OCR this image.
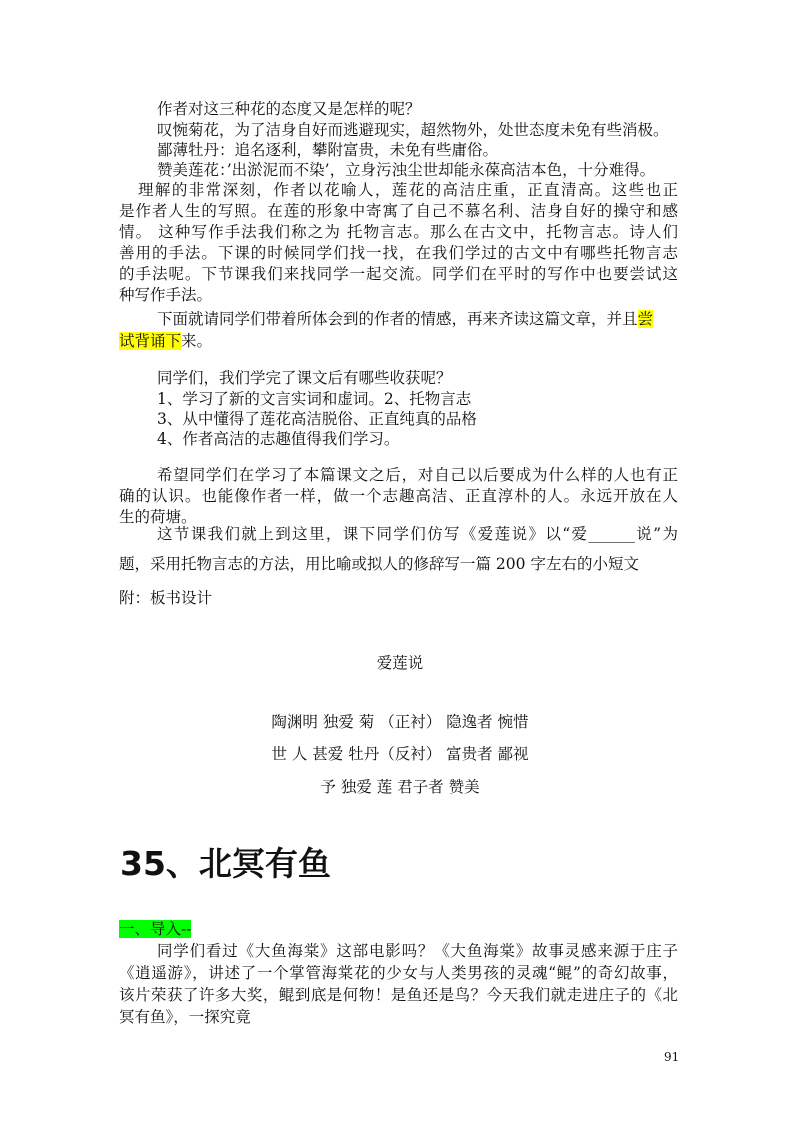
作者对这三种花的态度又是怎样的呢？
叹惋菊花，为了洁身自好而逃避现实，超然物外，处世态度未免有些消极。
鄙薄牡丹：追名逐利，攀附富贵，未免有些庸俗。
赞美莲花：’出淤泥而不染’，立身污浊尘世却能永葆高洁本色，十分难得。
理解的非常深刻，作者以花喻人，莲花的高洁庄重，正直清高。这些也正
是作者人生的写照。在莲的形象中寄寓了自己不慕名利、洁身自好的操守和感
情。 这种写作手法我们称之为 托物言志。那么在古文中，托物言志。诗人们
善用的手法。下课的时候同学们找一找，在我们学过的古文中有哪些托物言志
的手法呢。下节课我们来找同学一起交流。同学们在平时的写作中也要尝试这
种写作手法。
下面就请同学们带着所体会到的作者的情感，再来齐读这篇文章，并且尝
试背诵下来。
同学们，我们学完了课文后有哪些收获呢？
1、学习了新的文言实词和虚词。2、托物言志
3、从中懂得了莲花高洁脱俗、正直纯真的品格
4、作者高洁的志趣值得我们学习。
希望同学们在学习了本篇课文之后，对自己以后要成为什么样的人也有正
确的认识。也能像作者一样，做一个志趣高洁、正直淳朴的人。永远开放在人
生的荷塘。
这节课我们就上到这里，课下同学们仿写《爱莲说》以“爱______说”为
题，采用托物言志的方法，用比喻或拟人的修辞写一篇 200 字左右的小短文
附：板书设计
爱莲说
陶渊明 独爱 菊 （正衬） 隐逸者 惋惜
世 人 甚爱 牡丹（反衬） 富贵者 鄙视
予 独爱 莲 君子者 赞美
35、北冥有鱼
一、导入--
同学们看过《大鱼海棠》这部电影吗？《大鱼海棠》故事灵感来源于庄子
《逍遥游》，讲述了一个掌管海棠花的少女与人类男孩的灵魂“鲲”的奇幻故事，
该片荣获了许多大奖，鲲到底是何物！是鱼还是鸟？今天我们就走进庄子的《北
冥有鱼》，一探究竟
91
